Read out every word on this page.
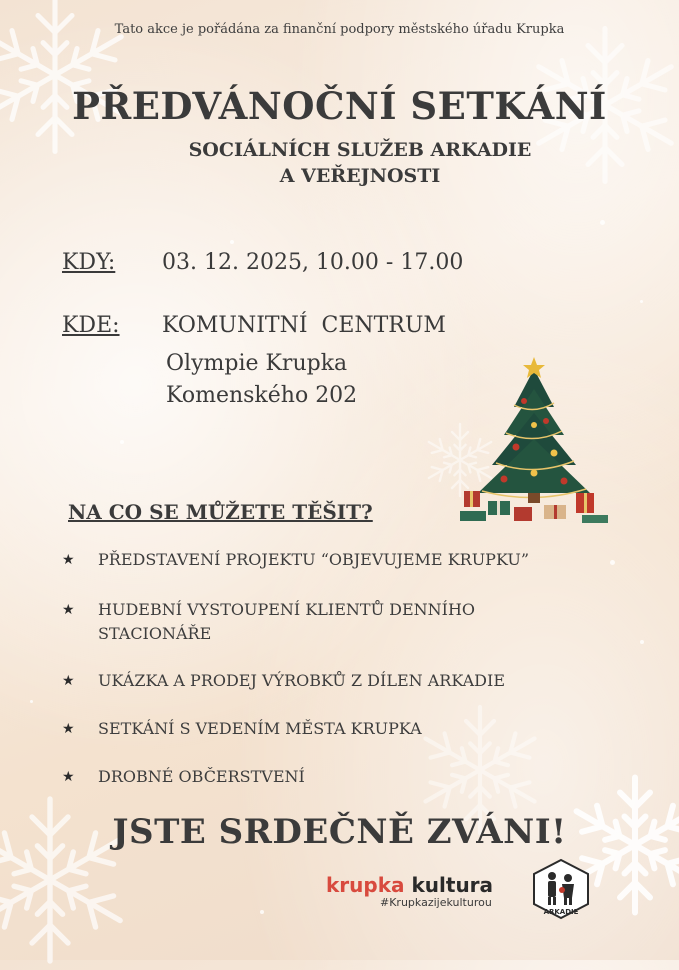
Tato akce je pořádána za finanční podpory městského úřadu Krupka
PŘEDVÁNOČNÍ SETKÁNÍ
SOCIÁLNÍCH SLUŽEB ARKADIE
A VEŘEJNOSTI
KDY: 03. 12. 2025, 10.00 - 17.00
KDE: KOMUNITNÍ  CENTRUM
Olympie Krupka
Komenského 202
NA CO SE MŮŽETE TĚŠIT?
★ PŘEDSTAVENÍ PROJEKTU “OBJEVUJEME KRUPKU”
★ HUDEBNÍ VYSTOUPENÍ KLIENTŮ DENNÍHO STACIONÁŘE
★ UKÁZKA A PRODEJ VÝROBKŮ Z DÍLEN ARKADIE
★ SETKÁNÍ S VEDENÍM MĚSTA KRUPKA
★ DROBNÉ OBČERSTVENÍ
JSTE SRDEČNĚ ZVÁNI!
krupka kultura
#Krupkazijekulturou
ARKADIE
